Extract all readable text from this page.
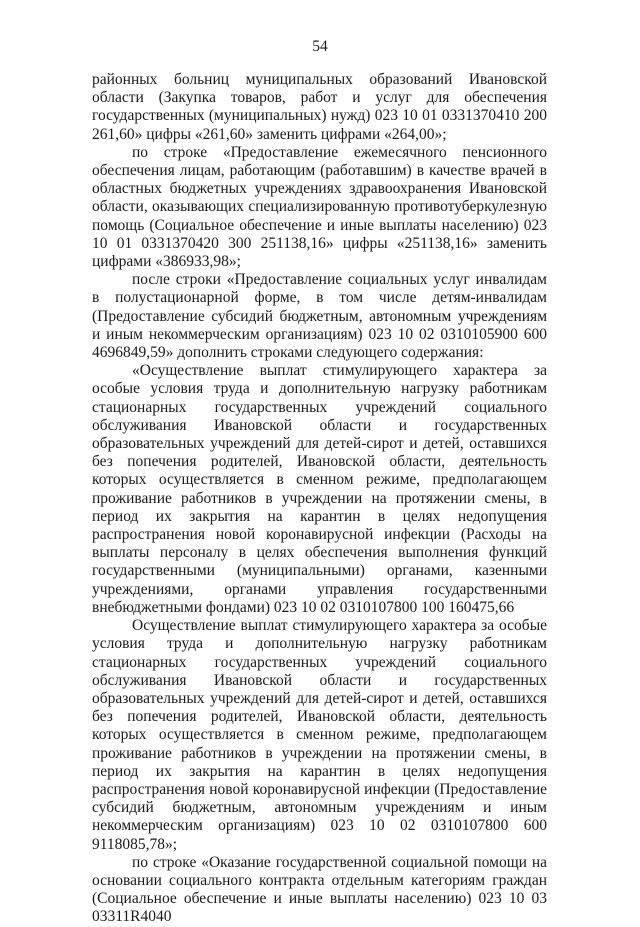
54

районных больниц муниципальных образований Ивановской области (Закупка товаров, работ и услуг для обеспечения государственных (муниципальных) нужд) 023 10 01 0331370410 200 261,60» цифры «261,60» заменить цифрами «264,00»;

по строке «Предоставление ежемесячного пенсионного обеспечения лицам, работающим (работавшим) в качестве врачей в областных бюджетных учреждениях здравоохранения Ивановской области, оказывающих специализированную противотуберкулезную помощь (Социальное обеспечение и иные выплаты населению) 023 10 01 0331370420 300 251138,16» цифры «251138,16» заменить цифрами «386933,98»;

после строки «Предоставление социальных услуг инвалидам в полустационарной форме, в том числе детям-инвалидам (Предоставление субсидий бюджетным, автономным учреждениям и иным некоммерческим организациям) 023 10 02 0310105900 600 4696849,59» дополнить строками следующего содержания:

«Осуществление выплат стимулирующего характера за особые условия труда и дополнительную нагрузку работникам стационарных государственных учреждений социального обслуживания Ивановской области и государственных образовательных учреждений для детей-сирот и детей, оставшихся без попечения родителей, Ивановской области, деятельность которых осуществляется в сменном режиме, предполагающем проживание работников в учреждении на протяжении смены, в период их закрытия на карантин в целях недопущения распространения новой коронавирусной инфекции (Расходы на выплаты персоналу в целях обеспечения выполнения функций государственными (муниципальными) органами, казенными учреждениями, органами управления государственными внебюджетными фондами) 023 10 02 0310107800 100 160475,66

Осуществление выплат стимулирующего характера за особые условия труда и дополнительную нагрузку работникам стационарных государственных учреждений социального обслуживания Ивановской области и государственных образовательных учреждений для детей-сирот и детей, оставшихся без попечения родителей, Ивановской области, деятельность которых осуществляется в сменном режиме, предполагающем проживание работников в учреждении на протяжении смены, в период их закрытия на карантин в целях недопущения распространения новой коронавирусной инфекции (Предоставление субсидий бюджетным, автономным учреждениям и иным некоммерческим организациям) 023 10 02 0310107800 600 9118085,78»;

по строке «Оказание государственной социальной помощи на основании социального контракта отдельным категориям граждан (Социальное обеспечение и иные выплаты населению) 023 10 03 03311R4040
